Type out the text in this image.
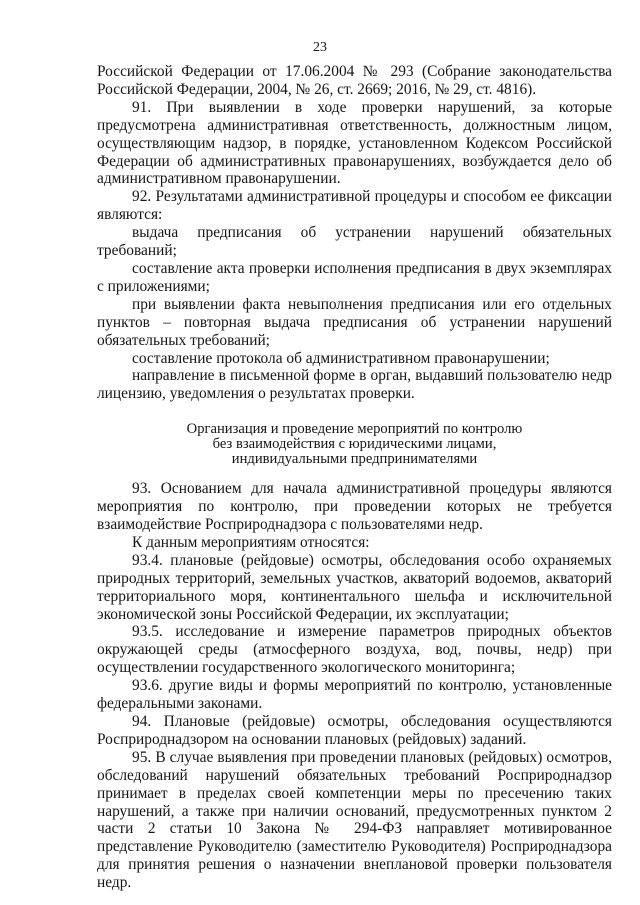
23

Российской Федерации от 17.06.2004 № 293 (Собрание законодательства Российской Федерации, 2004, № 26, ст. 2669; 2016, № 29, ст. 4816).

91. При выявлении в ходе проверки нарушений, за которые предусмотрена административная ответственность, должностным лицом, осуществляющим надзор, в порядке, установленном Кодексом Российской Федерации об административных правонарушениях, возбуждается дело об административном правонарушении.

92. Результатами административной процедуры и способом ее фиксации являются:

выдача предписания об устранении нарушений обязательных требований;

составление акта проверки исполнения предписания в двух экземплярах с приложениями;

при выявлении факта невыполнения предписания или его отдельных пунктов – повторная выдача предписания об устранении нарушений обязательных требований;

составление протокола об административном правонарушении;

направление в письменной форме в орган, выдавший пользователю недр лицензию, уведомления о результатах проверки.

Организация и проведение мероприятий по контролю
без взаимодействия с юридическими лицами,
индивидуальными предпринимателями

93. Основанием для начала административной процедуры являются мероприятия по контролю, при проведении которых не требуется взаимодействие Росприроднадзора с пользователями недр.

К данным мероприятиям относятся:

93.4. плановые (рейдовые) осмотры, обследования особо охраняемых природных территорий, земельных участков, акваторий водоемов, акваторий территориального моря, континентального шельфа и исключительной экономической зоны Российской Федерации, их эксплуатации;

93.5. исследование и измерение параметров природных объектов окружающей среды (атмосферного воздуха, вод, почвы, недр) при осуществлении государственного экологического мониторинга;

93.6. другие виды и формы мероприятий по контролю, установленные федеральными законами.

94. Плановые (рейдовые) осмотры, обследования осуществляются Росприроднадзором на основании плановых (рейдовых) заданий.

95. В случае выявления при проведении плановых (рейдовых) осмотров, обследований нарушений обязательных требований Росприроднадзор принимает в пределах своей компетенции меры по пресечению таких нарушений, а также при наличии оснований, предусмотренных пунктом 2 части 2 статьи 10 Закона № 294-ФЗ направляет мотивированное представление Руководителю (заместителю Руководителя) Росприроднадзора для принятия решения о назначении внеплановой проверки пользователя недр.
